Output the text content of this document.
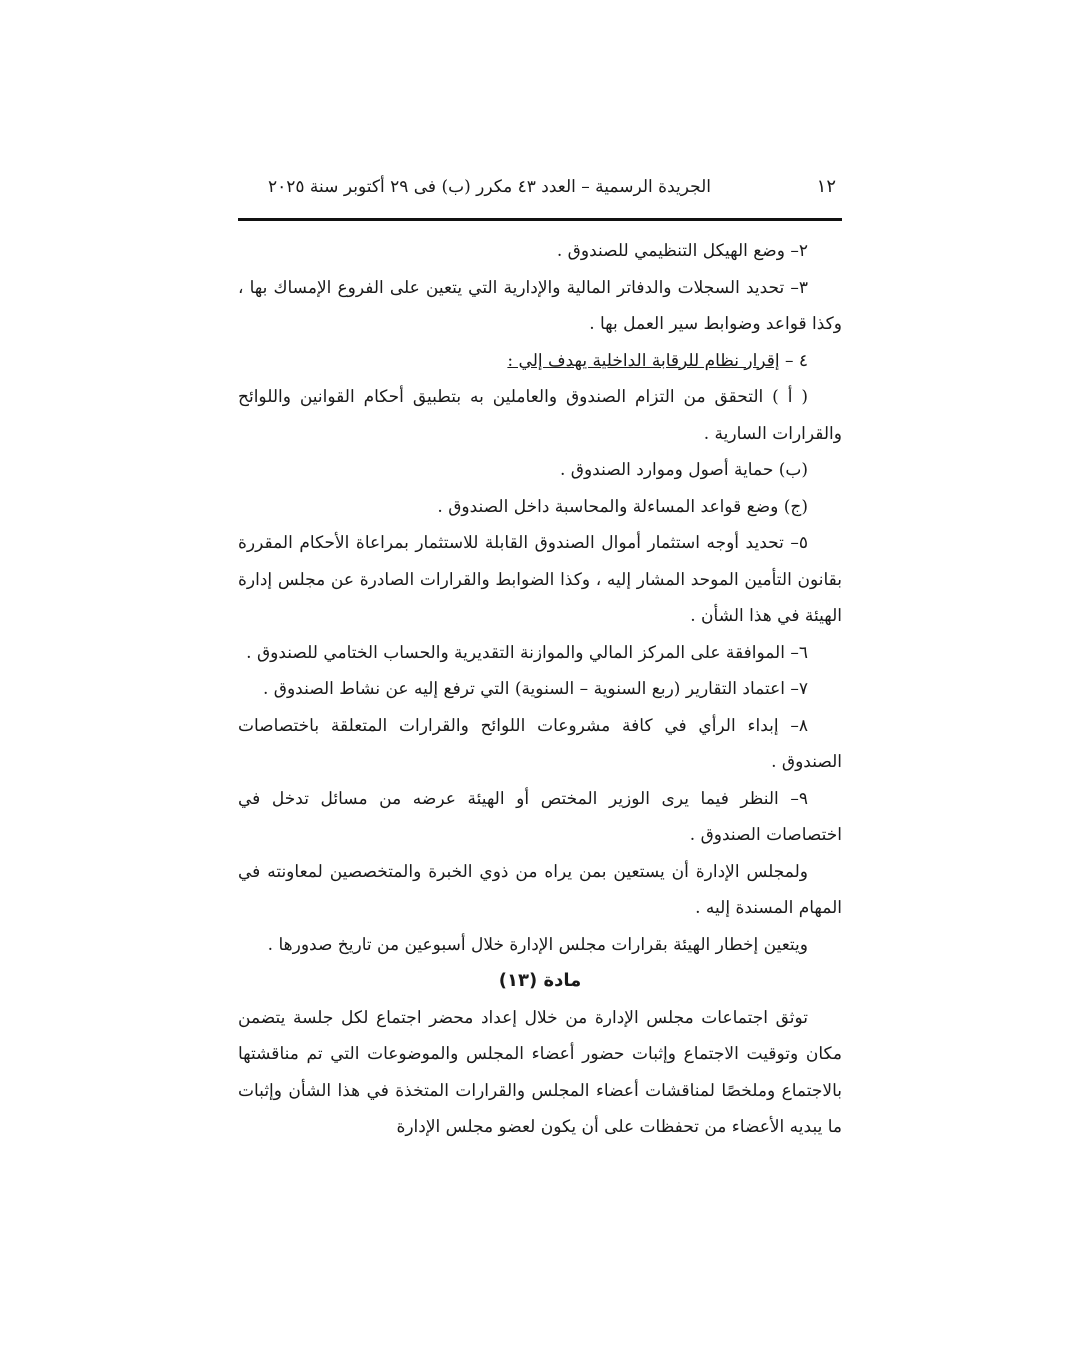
١٢
الجريدة الرسمية – العدد ٤٣ مكرر (ب) فى ٢٩ أكتوبر سنة ٢٠٢٥

٢– وضع الهيكل التنظيمي للصندوق .

٣– تحديد السجلات والدفاتر المالية والإدارية التي يتعين على الفروع الإمساك بها ، وكذا قواعد وضوابط سير العمل بها .

٤ – إقرار نظام للرقابة الداخلية يهدف إلي :

( أ ) التحقق من التزام الصندوق والعاملين به بتطبيق أحكام القوانين واللوائح والقرارات السارية .

(ب) حماية أصول وموارد الصندوق .

(ج) وضع قواعد المساءلة والمحاسبة داخل الصندوق .

٥– تحديد أوجه استثمار أموال الصندوق القابلة للاستثمار بمراعاة الأحكام المقررة بقانون التأمين الموحد المشار إليه ، وكذا الضوابط والقرارات الصادرة عن مجلس إدارة الهيئة في هذا الشأن .

٦– الموافقة على المركز المالي والموازنة التقديرية والحساب الختامي للصندوق .

٧– اعتماد التقارير (ربع السنوية – السنوية) التي ترفع إليه عن نشاط الصندوق .

٨– إبداء الرأي في كافة مشروعات اللوائح والقرارات المتعلقة باختصاصات الصندوق .

٩– النظر فيما يرى الوزير المختص أو الهيئة عرضه من مسائل تدخل في اختصاصات الصندوق .

ولمجلس الإدارة أن يستعين بمن يراه من ذوي الخبرة والمتخصصين لمعاونته في المهام المسندة إليه .

ويتعين إخطار الهيئة بقرارات مجلس الإدارة خلال أسبوعين من تاريخ صدورها .

مادة (١٣)

توثق اجتماعات مجلس الإدارة من خلال إعداد محضر اجتماع لكل جلسة يتضمن مكان وتوقيت الاجتماع وإثبات حضور أعضاء المجلس والموضوعات التي تم مناقشتها بالاجتماع وملخصًا لمناقشات أعضاء المجلس والقرارات المتخذة في هذا الشأن وإثبات ما يبديه الأعضاء من تحفظات على أن يكون لعضو مجلس الإدارة
